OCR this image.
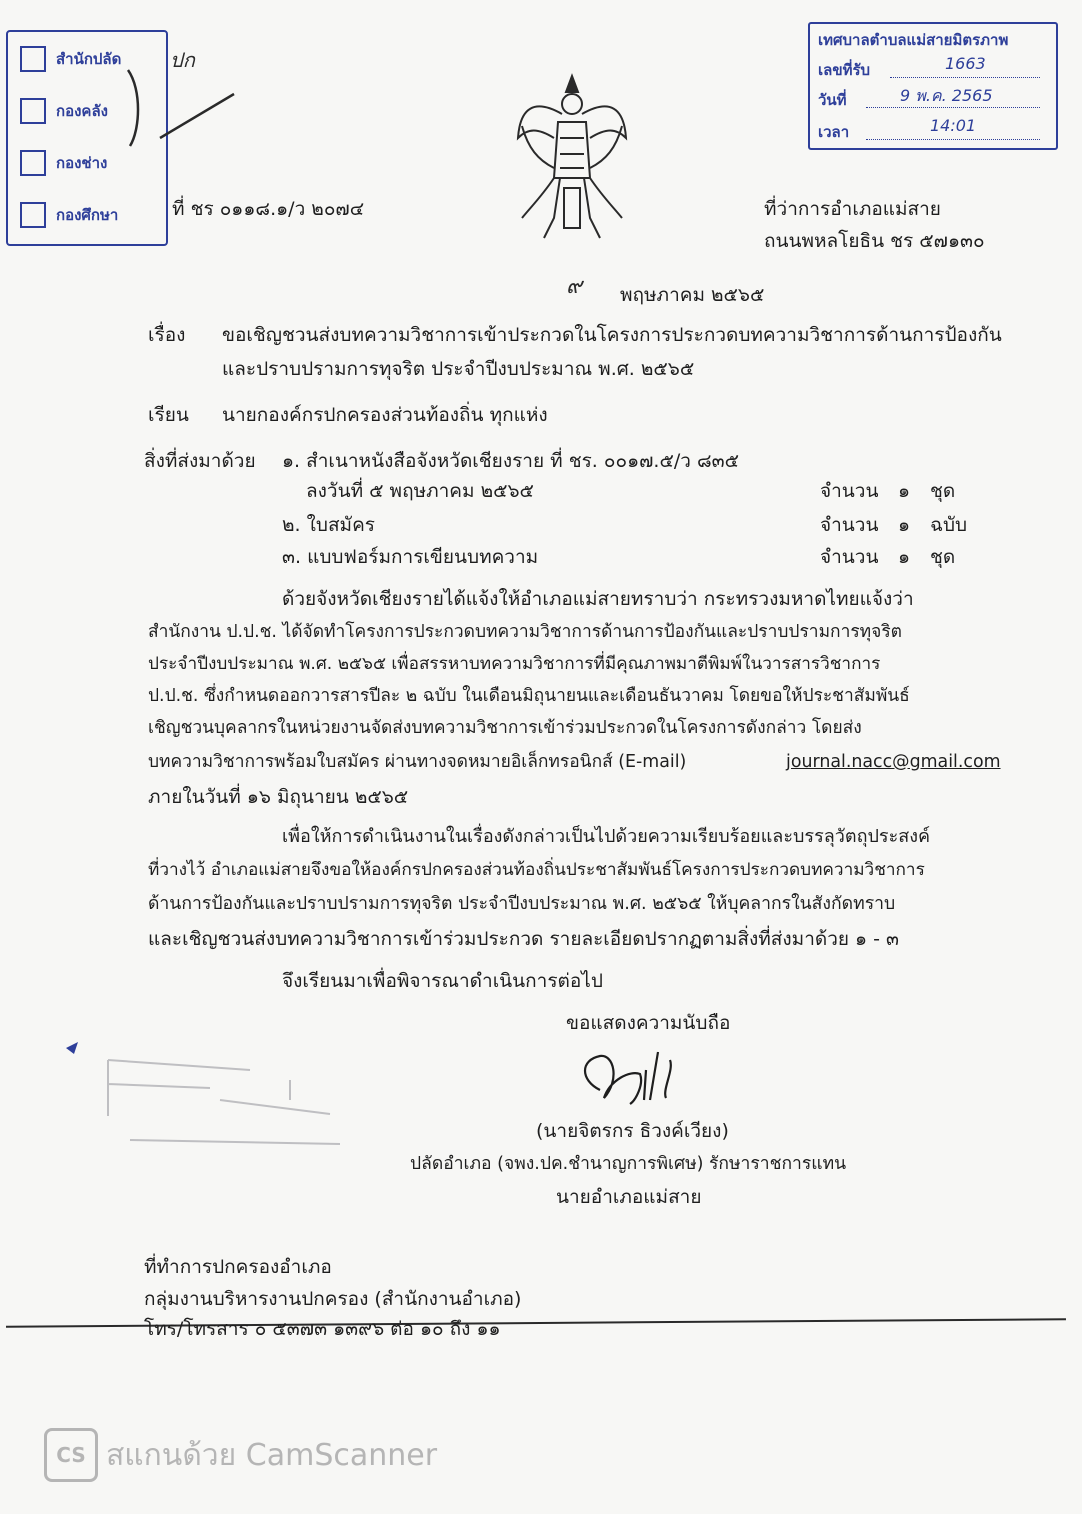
สำนักปลัด
กองคลัง
กองช่าง
กองศึกษา
ปก
เทศบาลตำบลแม่สายมิตรภาพ
เลขที่รับ	1663
วันที่	9 พ.ค. 2565
เวลา	14:01
ที่ ชร ๐๑๑๘.๑/ว ๒๐๗๔	ที่ว่าการอำเภอแม่สาย
ถนนพหลโยธิน ชร ๕๗๑๓๐
๙ พฤษภาคม ๒๕๖๕
เรื่อง ขอเชิญชวนส่งบทความวิชาการเข้าประกวดในโครงการประกวดบทความวิชาการด้านการป้องกัน
และปราบปรามการทุจริต ประจำปีงบประมาณ พ.ศ. ๒๕๖๕
เรียน นายกองค์กรปกครองส่วนท้องถิ่น ทุกแห่ง
สิ่งที่ส่งมาด้วย ๑. สำเนาหนังสือจังหวัดเชียงราย ที่ ชร. ๐๐๑๗.๕/ว ๘๓๕
ลงวันที่ ๕ พฤษภาคม ๒๕๖๕	จำนวน ๑ ชุด
๒. ใบสมัคร	จำนวน ๑ ฉบับ
๓. แบบฟอร์มการเขียนบทความ	จำนวน ๑ ชุด
ด้วยจังหวัดเชียงรายได้แจ้งให้อำเภอแม่สายทราบว่า กระทรวงมหาดไทยแจ้งว่า
สำนักงาน ป.ป.ช. ได้จัดทำโครงการประกวดบทความวิชาการด้านการป้องกันและปราบปรามการทุจริต
ประจำปีงบประมาณ พ.ศ. ๒๕๖๕ เพื่อสรรหาบทความวิชาการที่มีคุณภาพมาตีพิมพ์ในวารสารวิชาการ
ป.ป.ช. ซึ่งกำหนดออกวารสารปีละ ๒ ฉบับ ในเดือนมิถุนายนและเดือนธันวาคม โดยขอให้ประชาสัมพันธ์
เชิญชวนบุคลากรในหน่วยงานจัดส่งบทความวิชาการเข้าร่วมประกวดในโครงการดังกล่าว โดยส่ง
บทความวิชาการพร้อมใบสมัคร ผ่านทางจดหมายอิเล็กทรอนิกส์ (E-mail)	journal.nacc@gmail.com
ภายในวันที่ ๑๖ มิถุนายน ๒๕๖๕
เพื่อให้การดำเนินงานในเรื่องดังกล่าวเป็นไปด้วยความเรียบร้อยและบรรลุวัตถุประสงค์
ที่วางไว้ อำเภอแม่สายจึงขอให้องค์กรปกครองส่วนท้องถิ่นประชาสัมพันธ์โครงการประกวดบทความวิชาการ
ด้านการป้องกันและปราบปรามการทุจริต ประจำปีงบประมาณ พ.ศ. ๒๕๖๕ ให้บุคลากรในสังกัดทราบ
และเชิญชวนส่งบทความวิชาการเข้าร่วมประกวด รายละเอียดปรากฏตามสิ่งที่ส่งมาด้วย ๑ - ๓
จึงเรียนมาเพื่อพิจารณาดำเนินการต่อไป
ขอแสดงความนับถือ
(นายจิตรกร ธิวงค์เวียง)
ปลัดอำเภอ (จพง.ปค.ชำนาญการพิเศษ) รักษาราชการแทน
นายอำเภอแม่สาย
ที่ทำการปกครองอำเภอ
กลุ่มงานบริหารงานปกครอง (สำนักงานอำเภอ)
โทร/โทรสาร ๐ ๕๓๗๓ ๑๓๙๖ ต่อ ๑๐ ถึง ๑๑
CS สแกนด้วย CamScanner
